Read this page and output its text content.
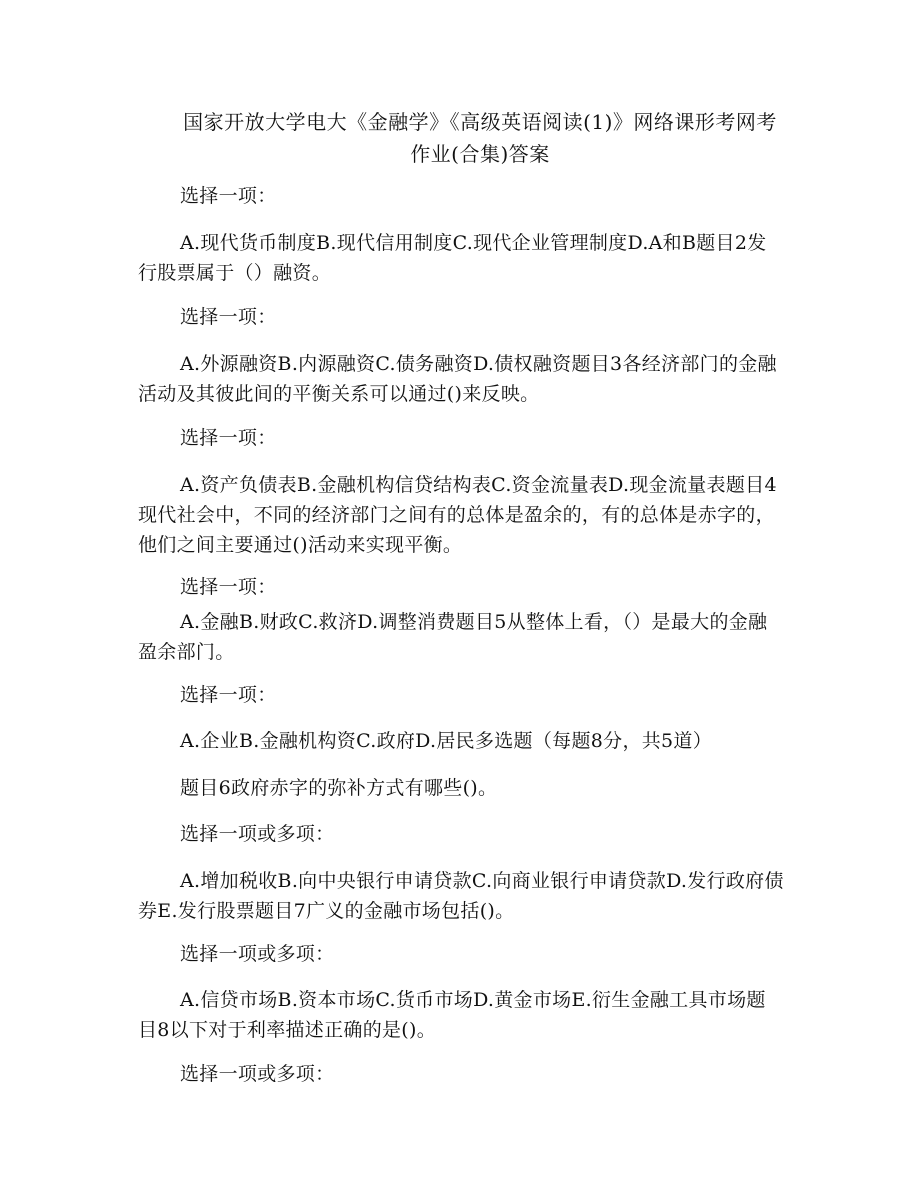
国家开放大学电大《金融学》《高级英语阅读(1)》网络课形考网考作业(合集)答案
选择一项：
A.现代货币制度B.现代信用制度C.现代企业管理制度D.A和B题目2发行股票属于（）融资。
选择一项：
A.外源融资B.内源融资C.债务融资D.债权融资题目3各经济部门的金融活动及其彼此间的平衡关系可以通过()来反映。
选择一项：
A.资产负债表B.金融机构信贷结构表C.资金流量表D.现金流量表题目4现代社会中，不同的经济部门之间有的总体是盈余的，有的总体是赤字的，他们之间主要通过()活动来实现平衡。
选择一项：
A.金融B.财政C.救济D.调整消费题目5从整体上看，（）是最大的金融盈余部门。
选择一项：
A.企业B.金融机构资C.政府D.居民多选题（每题8分，共5道）
题目6政府赤字的弥补方式有哪些()。
选择一项或多项：
A.增加税收B.向中央银行申请贷款C.向商业银行申请贷款D.发行政府债券E.发行股票题目7广义的金融市场包括()。
选择一项或多项：
A.信贷市场B.资本市场C.货币市场D.黄金市场E.衍生金融工具市场题目8以下对于利率描述正确的是()。
选择一项或多项：
